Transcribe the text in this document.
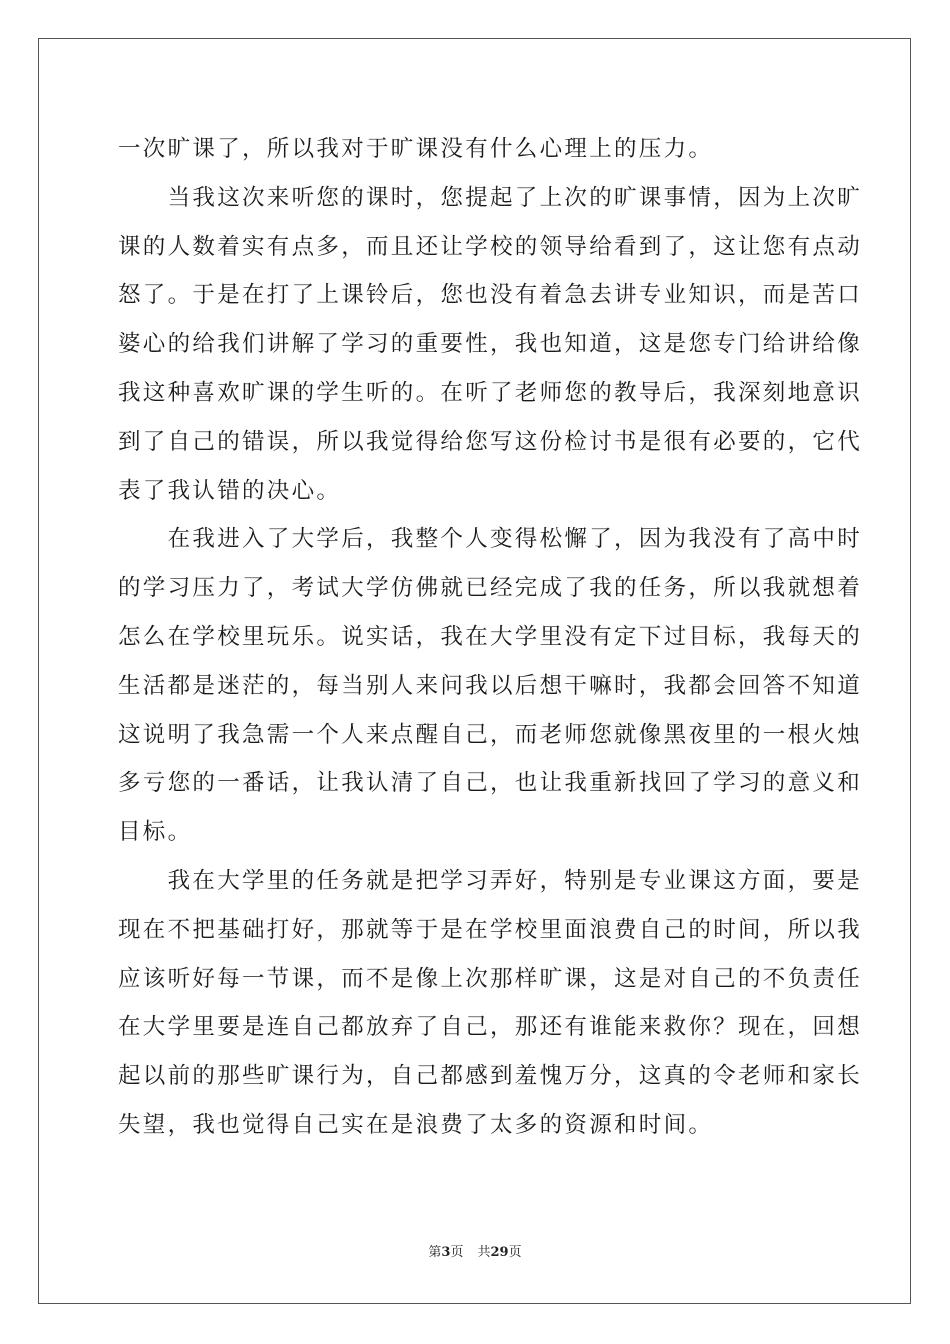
一次旷课了，所以我对于旷课没有什么心理上的压力。
　　当我这次来听您的课时，您提起了上次的旷课事情，因为上次旷
课的人数着实有点多，而且还让学校的领导给看到了，这让您有点动
怒了。于是在打了上课铃后，您也没有着急去讲专业知识，而是苦口
婆心的给我们讲解了学习的重要性，我也知道，这是您专门给讲给像
我这种喜欢旷课的学生听的。在听了老师您的教导后，我深刻地意识
到了自己的错误，所以我觉得给您写这份检讨书是很有必要的，它代
表了我认错的决心。
　　在我进入了大学后，我整个人变得松懈了，因为我没有了高中时
的学习压力了，考试大学仿佛就已经完成了我的任务，所以我就想着
怎么在学校里玩乐。说实话，我在大学里没有定下过目标，我每天的
生活都是迷茫的，每当别人来问我以后想干嘛时，我都会回答不知道
这说明了我急需一个人来点醒自己，而老师您就像黑夜里的一根火烛
多亏您的一番话，让我认清了自己，也让我重新找回了学习的意义和
目标。
　　我在大学里的任务就是把学习弄好，特别是专业课这方面，要是
现在不把基础打好，那就等于是在学校里面浪费自己的时间，所以我
应该听好每一节课，而不是像上次那样旷课，这是对自己的不负责任
在大学里要是连自己都放弃了自己，那还有谁能来救你？现在，回想
起以前的那些旷课行为，自己都感到羞愧万分，这真的令老师和家长
失望，我也觉得自己实在是浪费了太多的资源和时间。
第3页 共29页
